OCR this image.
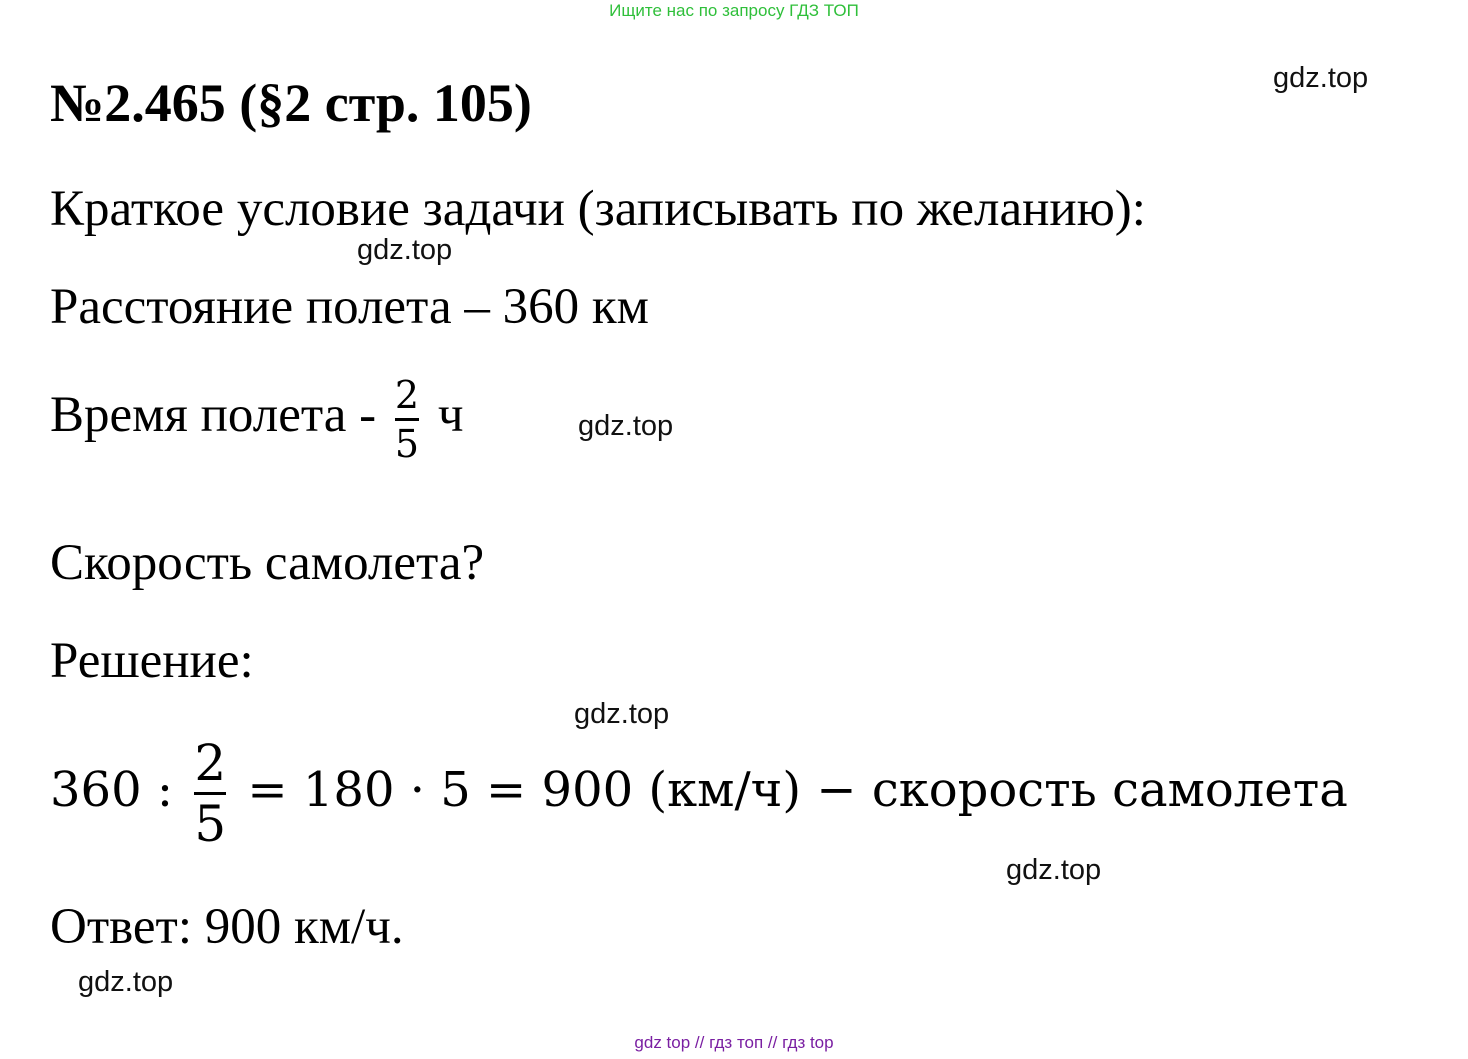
Ищите нас по запросу ГДЗ ТОП
№2.465 (§2 стр. 105)
Краткое условие задачи (записывать по желанию):
Расстояние полета – 360 км
Время полета - $\frac{2}{5}$ ч
Скорость самолета?
Решение:
360 : $\frac{2}{5} = 180 \cdot 5 = 900$ (км/ч) − скорость самолета
Ответ: 900 км/ч.
gdz.top
gdz.top
gdz.top
gdz.top
gdz.top
gdz.top
gdz top // гдз топ // гдз top
